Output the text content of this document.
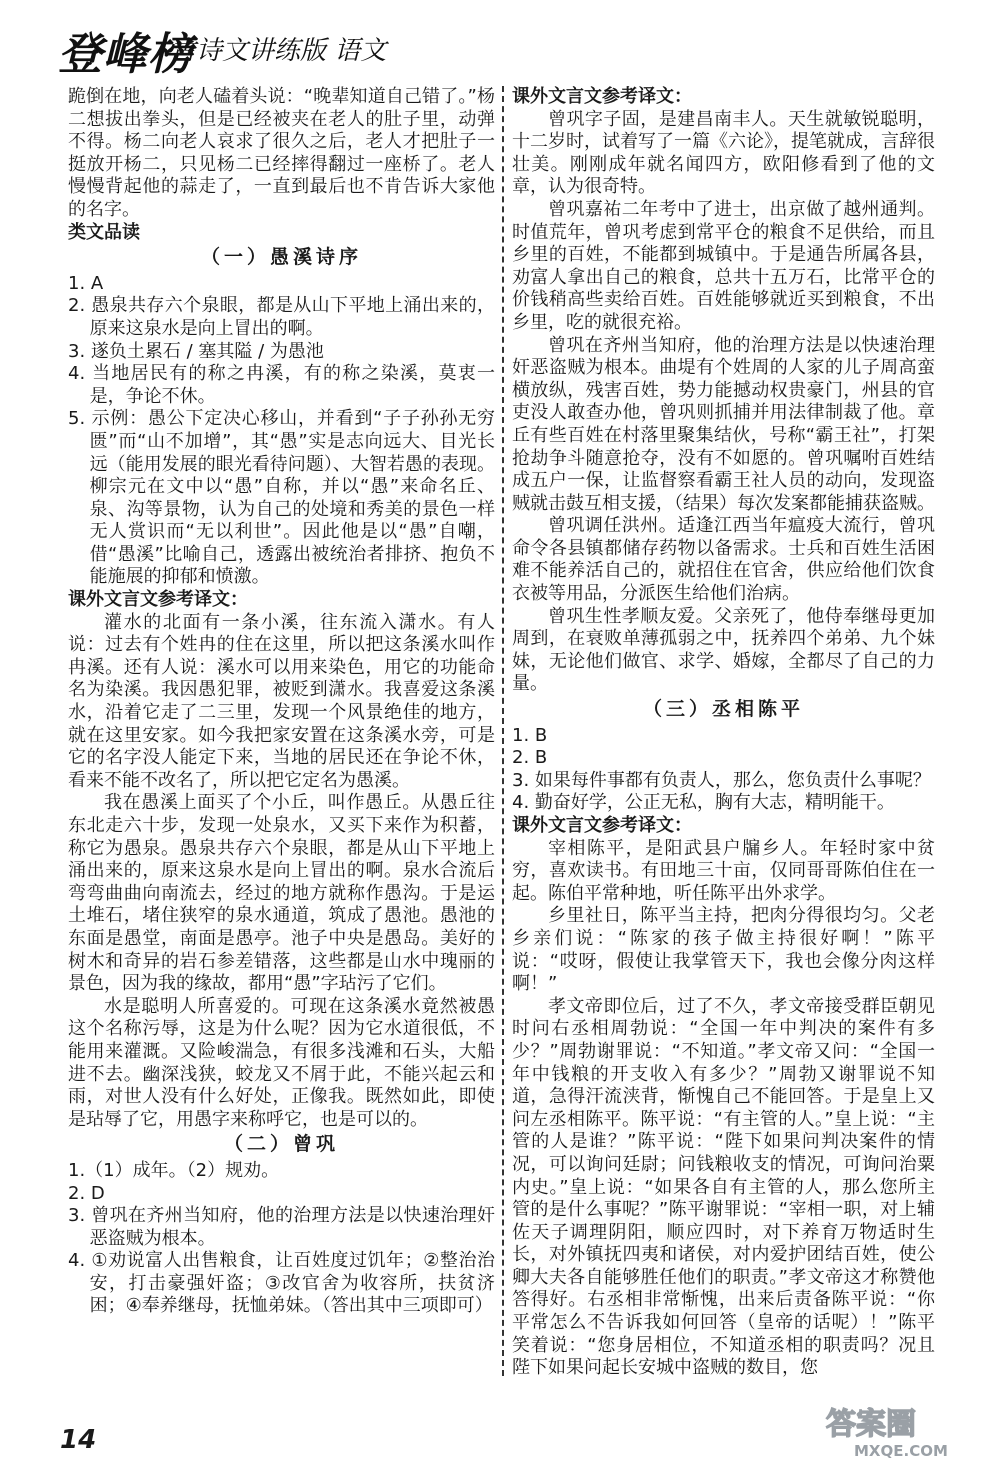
登峰榜
古诗文讲练版 语文

跪倒在地，向老人磕着头说：“晚辈知道自己错了。”杨二想拔出拳头，但是已经被夹在老人的肚子里，动弹不得。杨二向老人哀求了很久之后，老人才把肚子一挺放开杨二，只见杨二已经摔得翻过一座桥了。老人慢慢背起他的蒜走了，一直到最后也不肯告诉大家他的名字。

类文品读

（一）愚溪诗序

1. A

2. 愚泉共存六个泉眼，都是从山下平地上涌出来的，原来这泉水是向上冒出的啊。

3. 遂负土累石 / 塞其隘 / 为愚池

4. 当地居民有的称之冉溪，有的称之染溪，莫衷一是，争论不休。

5. 示例：愚公下定决心移山，并看到“子子孙孙无穷匮”而“山不加增”，其“愚”实是志向远大、目光长远（能用发展的眼光看待问题）、大智若愚的表现。柳宗元在文中以“愚”自称，并以“愚”来命名丘、泉、沟等景物，认为自己的处境和秀美的景色一样无人赏识而“无以利世”。因此他是以“愚”自嘲，借“愚溪”比喻自己，透露出被统治者排挤、抱负不能施展的抑郁和愤激。

课外文言文参考译文：

灌水的北面有一条小溪，往东流入潇水。有人说：过去有个姓冉的住在这里，所以把这条溪水叫作冉溪。还有人说：溪水可以用来染色，用它的功能命名为染溪。我因愚犯罪，被贬到潇水。我喜爱这条溪水，沿着它走了二三里，发现一个风景绝佳的地方，就在这里安家。如今我把家安置在这条溪水旁，可是它的名字没人能定下来，当地的居民还在争论不休，看来不能不改名了，所以把它定名为愚溪。

我在愚溪上面买了个小丘，叫作愚丘。从愚丘往东北走六十步，发现一处泉水，又买下来作为积蓄，称它为愚泉。愚泉共存六个泉眼，都是从山下平地上涌出来的，原来这泉水是向上冒出的啊。泉水合流后弯弯曲曲向南流去，经过的地方就称作愚沟。于是运土堆石，堵住狭窄的泉水通道，筑成了愚池。愚池的东面是愚堂，南面是愚亭。池子中央是愚岛。美好的树木和奇异的岩石参差错落，这些都是山水中瑰丽的景色，因为我的缘故，都用“愚”字玷污了它们。

水是聪明人所喜爱的。可现在这条溪水竟然被愚这个名称污辱，这是为什么呢？因为它水道很低，不能用来灌溉。又险峻湍急，有很多浅滩和石头，大船进不去。幽深浅狭，蛟龙又不屑于此，不能兴起云和雨，对世人没有什么好处，正像我。既然如此，即使是玷辱了它，用愚字来称呼它，也是可以的。

（二）曾巩

1.（1）成年。（2）规劝。

2. D

3. 曾巩在齐州当知府，他的治理方法是以快速治理奸恶盗贼为根本。

4. ①劝说富人出售粮食，让百姓度过饥年；②整治治安，打击豪强奸盗；③改官舍为收容所，扶贫济困；④奉养继母，抚恤弟妹。（答出其中三项即可）

课外文言文参考译文：

曾巩字子固，是建昌南丰人。天生就敏锐聪明，十二岁时，试着写了一篇《六论》，提笔就成，言辞很壮美。刚刚成年就名闻四方，欧阳修看到了他的文章，认为很奇特。

曾巩嘉祐二年考中了进士，出京做了越州通判。时值荒年，曾巩考虑到常平仓的粮食不足供给，而且乡里的百姓，不能都到城镇中。于是通告所属各县，劝富人拿出自己的粮食，总共十五万石，比常平仓的价钱稍高些卖给百姓。百姓能够就近买到粮食，不出乡里，吃的就很充裕。

曾巩在齐州当知府，他的治理方法是以快速治理奸恶盗贼为根本。曲堤有个姓周的人家的儿子周高蛮横放纵，残害百姓，势力能撼动权贵豪门，州县的官吏没人敢查办他，曾巩则抓捕并用法律制裁了他。章丘有些百姓在村落里聚集结伙，号称“霸王社”，打架抢劫争斗随意抢夺，没有不如愿的。曾巩嘱咐百姓结成五户一保，让监督察看霸王社人员的动向，发现盗贼就击鼓互相支援，（结果）每次发案都能捕获盗贼。

曾巩调任洪州。适逢江西当年瘟疫大流行，曾巩命令各县镇都储存药物以备需求。士兵和百姓生活困难不能养活自己的，就招住在官舍，供应给他们饮食衣被等用品，分派医生给他们治病。

曾巩生性孝顺友爱。父亲死了，他侍奉继母更加周到，在衰败单薄孤弱之中，抚养四个弟弟、九个妹妹，无论他们做官、求学、婚嫁，全都尽了自己的力量。

（三）丞相陈平

1. B

2. B

3. 如果每件事都有负责人，那么，您负责什么事呢？

4. 勤奋好学，公正无私，胸有大志，精明能干。

课外文言文参考译文：

宰相陈平，是阳武县户牖乡人。年轻时家中贫穷，喜欢读书。有田地三十亩，仅同哥哥陈伯住在一起。陈伯平常种地，听任陈平出外求学。

乡里社日，陈平当主持，把肉分得很均匀。父老乡亲们说：“陈家的孩子做主持很好啊！”陈平说：“哎呀，假使让我掌管天下，我也会像分肉这样啊！”

孝文帝即位后，过了不久，孝文帝接受群臣朝见时问右丞相周勃说：“全国一年中判决的案件有多少？”周勃谢罪说：“不知道。”孝文帝又问：“全国一年中钱粮的开支收入有多少？”周勃又谢罪说不知道，急得汗流浃背，惭愧自己不能回答。于是皇上又问左丞相陈平。陈平说：“有主管的人。”皇上说：“主管的人是谁？”陈平说：“陛下如果问判决案件的情况，可以询问廷尉；问钱粮收支的情况，可询问治粟内史。”皇上说：“如果各自有主管的人，那么您所主管的是什么事呢？”陈平谢罪说：“宰相一职，对上辅佐天子调理阴阳，顺应四时，对下养育万物适时生长，对外镇抚四夷和诸侯，对内爱护团结百姓，使公卿大夫各自能够胜任他们的职责。”孝文帝这才称赞他答得好。右丞相非常惭愧，出来后责备陈平说：“你平常怎么不告诉我如何回答（皇帝的话呢）！”陈平笑着说：“您身居相位，不知道丞相的职责吗？况且陛下如果问起长安城中盗贼的数目，您

14	答案圈
MXQE.COM
